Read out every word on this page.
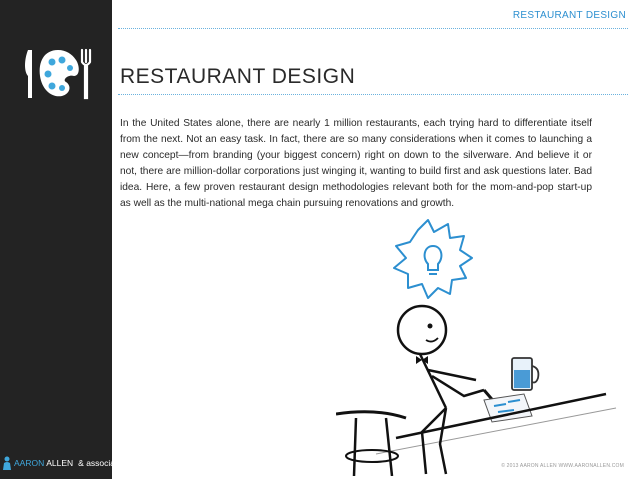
AARON ALLEN & associates
RESTAURANT DESIGN
RESTAURANT DESIGN
In the United States alone, there are nearly 1 million restaurants, each trying hard to differentiate itself from the next. Not an easy task. In fact, there are so many considerations when it comes to launching a new concept—from branding (your biggest concern) right on down to the silverware. And believe it or not, there are million-dollar corporations just winging it, wanting to build first and ask questions later. Bad idea. Here, a few proven restaurant design methodologies relevant both for the mom-and-pop start-up as well as the multi-national mega chain pursuing renovations and growth.
© 2013 AARON ALLEN WWW.AARONALLEN.COM
